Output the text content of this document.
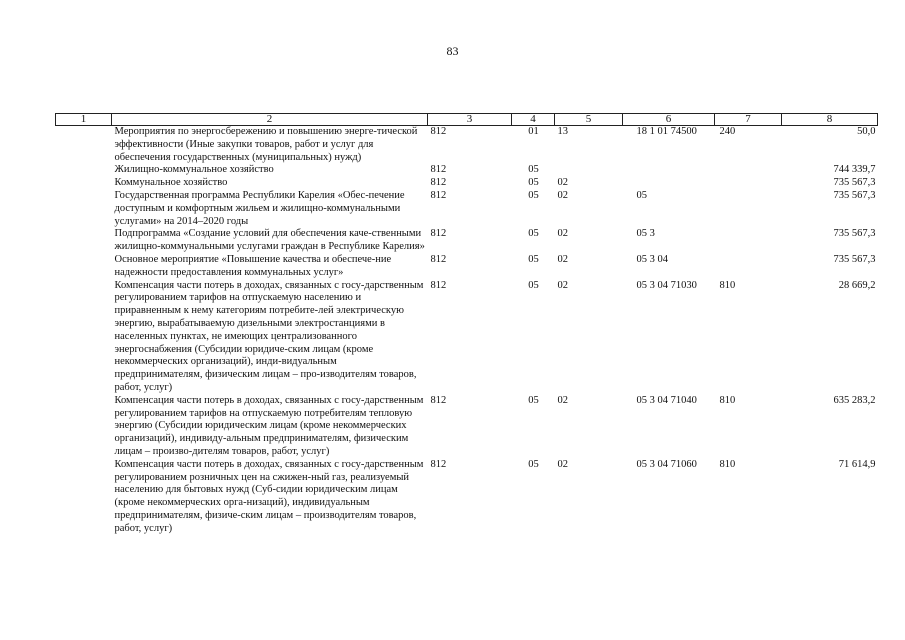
83
1	2	3	4	5	6	7	8
	Мероприятия по энергосбережению и повышению энерге-тической эффективности (Иные закупки товаров, работ и услуг для обеспечения государственных (муниципальных) нужд)	812	01	13	18 1 01 74500	240	50,0
	Жилищно-коммунальное хозяйство	812	05				744 339,7
	Коммунальное хозяйство	812	05	02			735 567,3
	Государственная программа Республики Карелия «Обес-печение доступным и комфортным жильем и жилищно-коммунальными услугами» на 2014–2020 годы	812	05	02	05		735 567,3
	Подпрограмма «Создание условий для обеспечения каче-ственными жилищно-коммунальными услугами граждан в Республике Карелия»	812	05	02	05 3		735 567,3
	Основное мероприятие «Повышение качества и обеспече-ние надежности предоставления коммунальных услуг»	812	05	02	05 3 04		735 567,3
	Компенсация части потерь в доходах, связанных с госу-дарственным регулированием тарифов на отпускаемую населению и приравненным к нему категориям потребите-лей электрическую энергию, вырабатываемую дизельными электростанциями в населенных пунктах, не имеющих централизованного энергоснабжения (Субсидии юридиче-ским лицам (кроме некоммерческих организаций), инди-видуальным предпринимателям, физическим лицам – про-изводителям товаров, работ, услуг)	812	05	02	05 3 04 71030	810	28 669,2
	Компенсация части потерь в доходах, связанных с госу-дарственным регулированием тарифов на отпускаемую потребителям тепловую энергию (Субсидии юридическим лицам (кроме некоммерческих организаций), индивиду-альным предпринимателям, физическим лицам – произво-дителям товаров, работ, услуг)	812	05	02	05 3 04 71040	810	635 283,2
	Компенсация части потерь в доходах, связанных с госу-дарственным регулированием розничных цен на сжижен-ный газ, реализуемый населению для бытовых нужд (Суб-сидии юридическим лицам (кроме некоммерческих орга-низаций), индивидуальным предпринимателям, физиче-ским лицам – производителям товаров, работ, услуг)	812	05	02	05 3 04 71060	810	71 614,9
